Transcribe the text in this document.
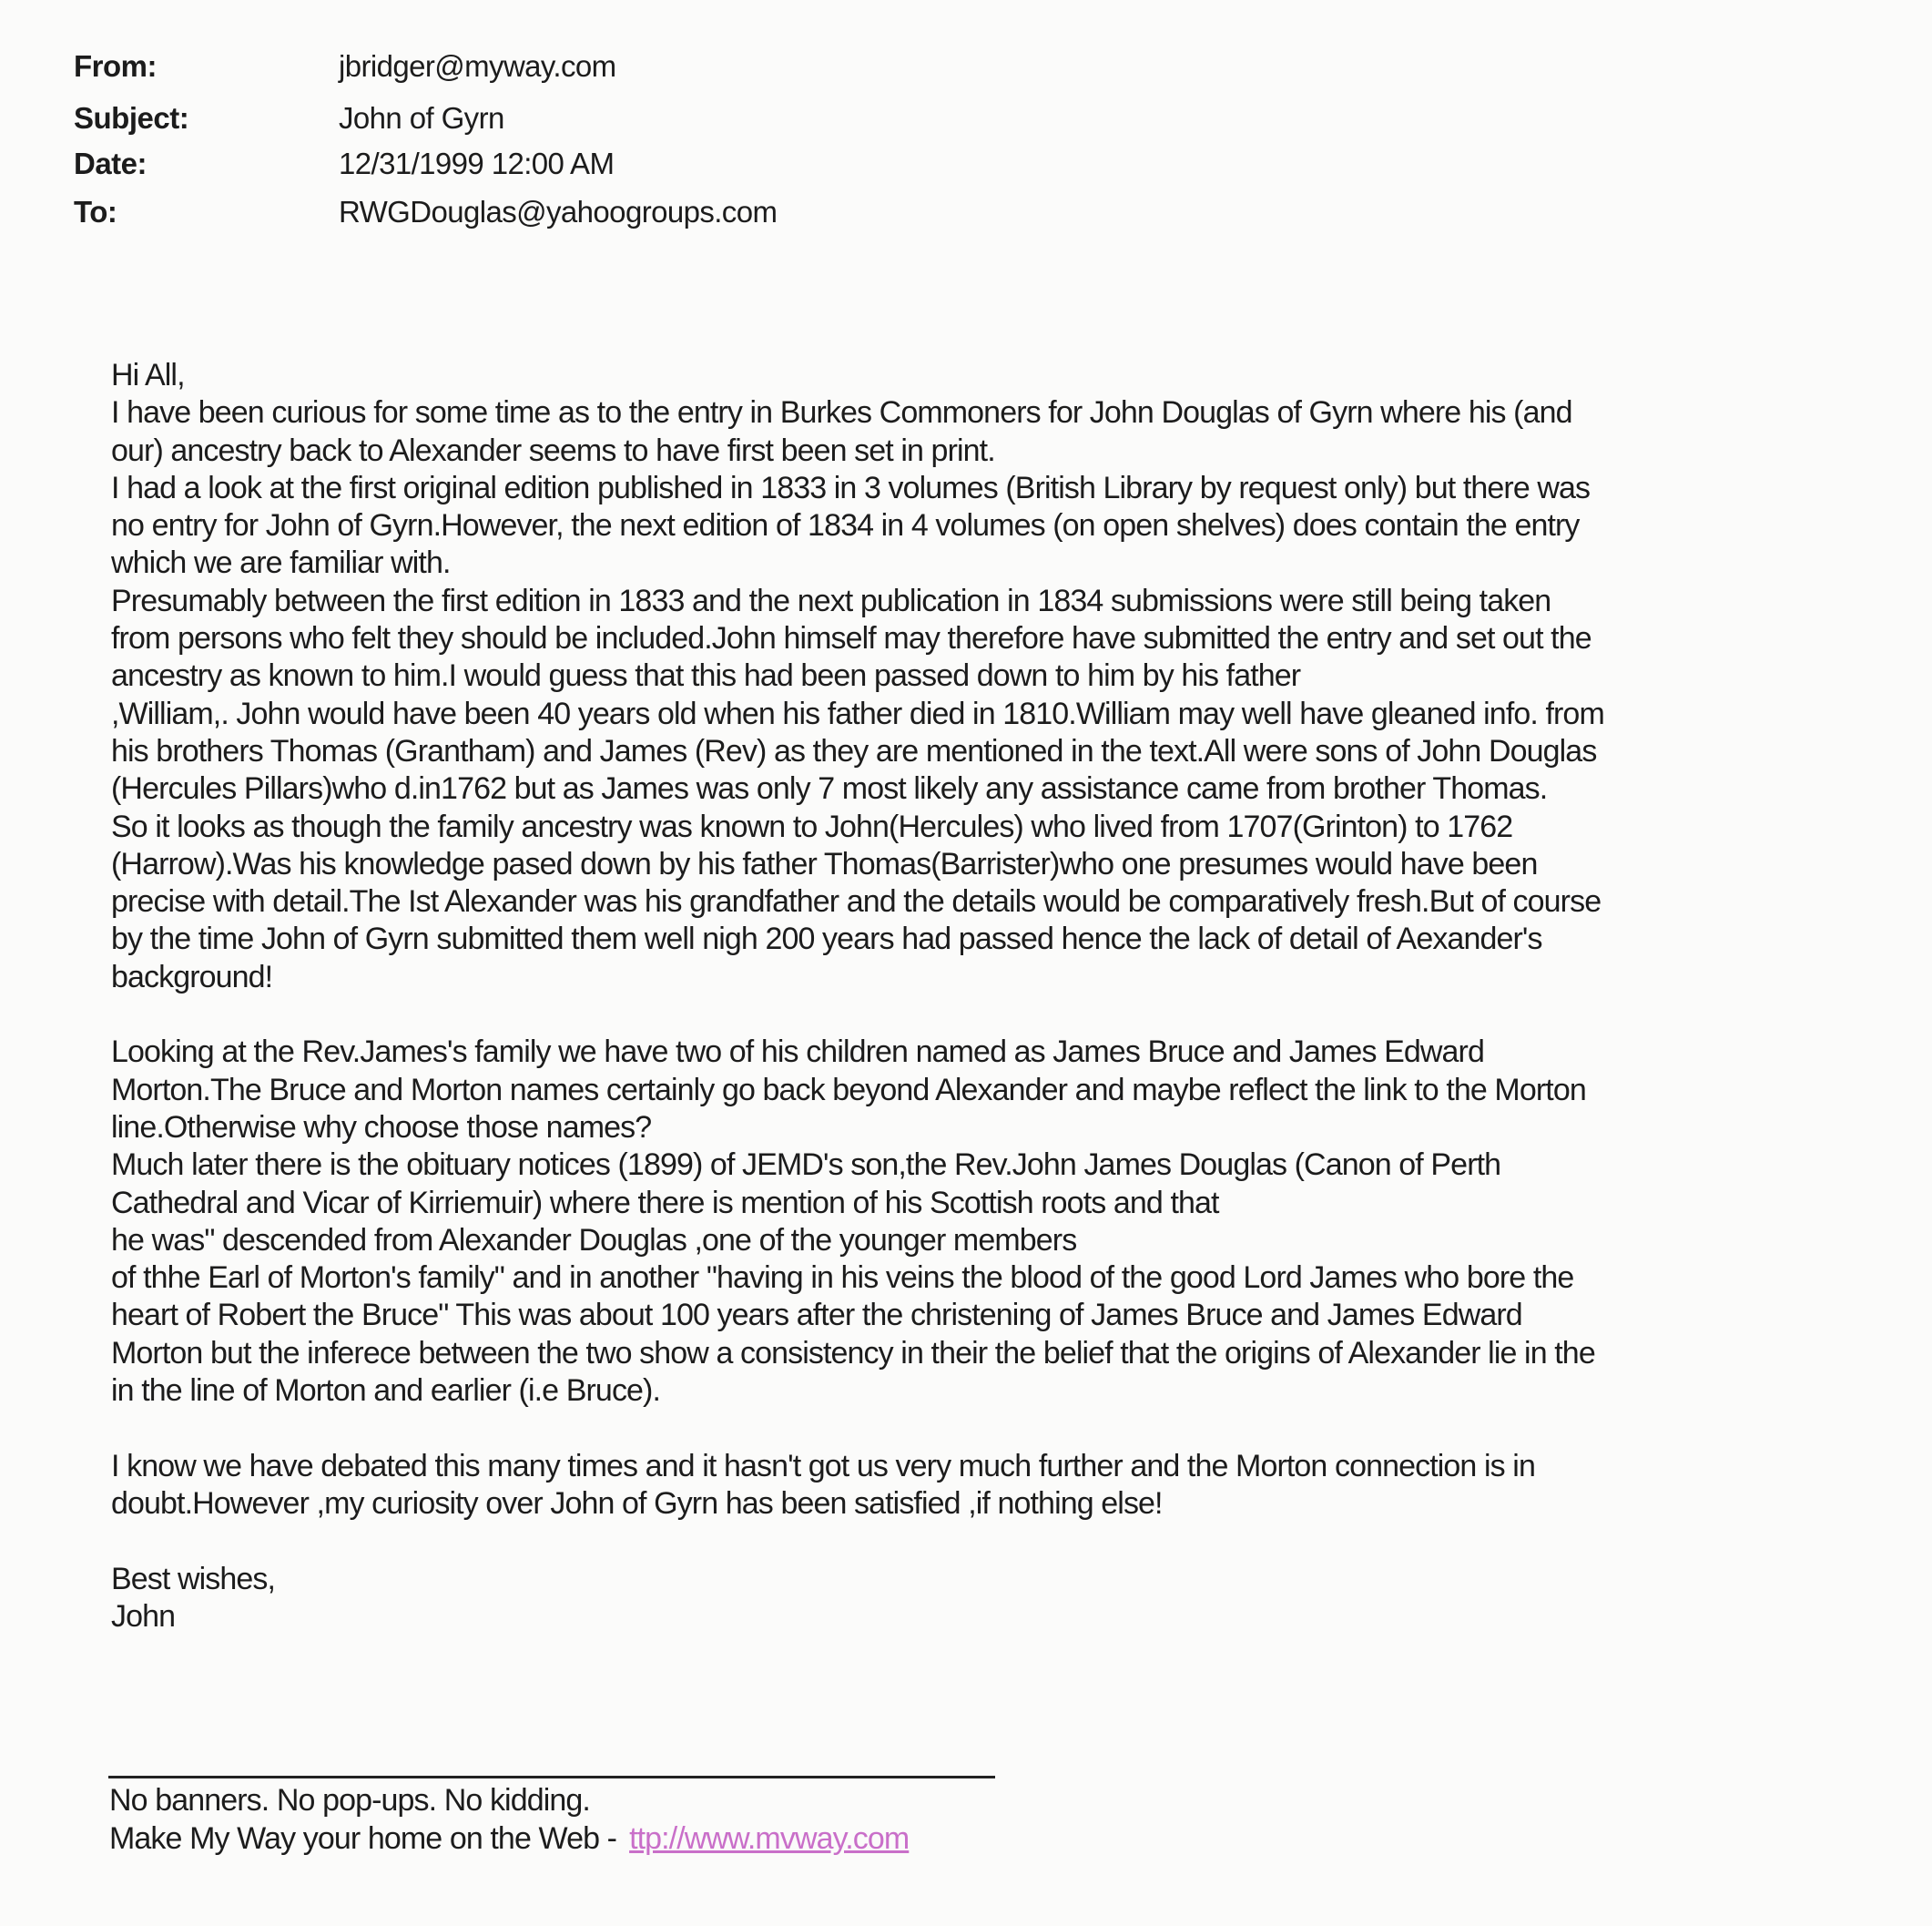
From:	jbridger@myway.com
Subject:	John of Gyrn
Date:	12/31/1999 12:00 AM
To:	RWGDouglas@yahoogroups.com
Hi All,
I have been curious for some time as to the entry in Burkes Commoners for John Douglas of Gyrn where his (and
our) ancestry back to Alexander seems to have first been set in print.
I had a look at the first original edition published in 1833 in 3 volumes (British Library by request only) but there was
no entry for John of Gyrn.However, the next edition of 1834 in 4 volumes (on open shelves) does contain the entry
which we are familiar with.
Presumably between the first edition in 1833 and the next publication in 1834 submissions were still being taken
from persons who felt they should be included.John himself may therefore have submitted the entry and set out the
ancestry as known to him.I would guess that this had been passed down to him by his father
,William,. John would have been 40 years old when his father died in 1810.William may well have gleaned info. from
his brothers Thomas (Grantham) and James (Rev) as they are mentioned in the text.All were sons of John Douglas
(Hercules Pillars)who d.in1762 but as James was only 7 most likely any assistance came from brother Thomas.
So it looks as though the family ancestry was known to John(Hercules) who lived from 1707(Grinton) to 1762
(Harrow).Was his knowledge pased down by his father Thomas(Barrister)who one presumes would have been
precise with detail.The Ist Alexander was his grandfather and the details would be comparatively fresh.But of course
by the time John of Gyrn submitted them well nigh 200 years had passed hence the lack of detail of Aexander's
background!
Looking at the Rev.James's family we have two of his children named as James Bruce and James Edward
Morton.The Bruce and Morton names certainly go back beyond Alexander and maybe reflect the link to the Morton
line.Otherwise why choose those names?
Much later there is the obituary notices (1899) of JEMD's son,the Rev.John James Douglas (Canon of Perth
Cathedral and Vicar of Kirriemuir) where there is mention of his Scottish roots and that
he was" descended from Alexander Douglas ,one of the younger members
of thhe Earl of Morton's family" and in another "having in his veins the blood of the good Lord James who bore the
heart of Robert the Bruce" This was about 100 years after the christening of James Bruce and James Edward
Morton but the inferece between the two show a consistency in their the belief that the origins of Alexander lie in the
in the line of Morton and earlier (i.e Bruce).
I know we have debated this many times and it hasn't got us very much further and the Morton connection is in
doubt.However ,my curiosity over John of Gyrn has been satisfied ,if nothing else!
Best wishes,
John
No banners. No pop-ups. No kidding.
Make My Way your home on the Web - ttp://www.mvway.com
